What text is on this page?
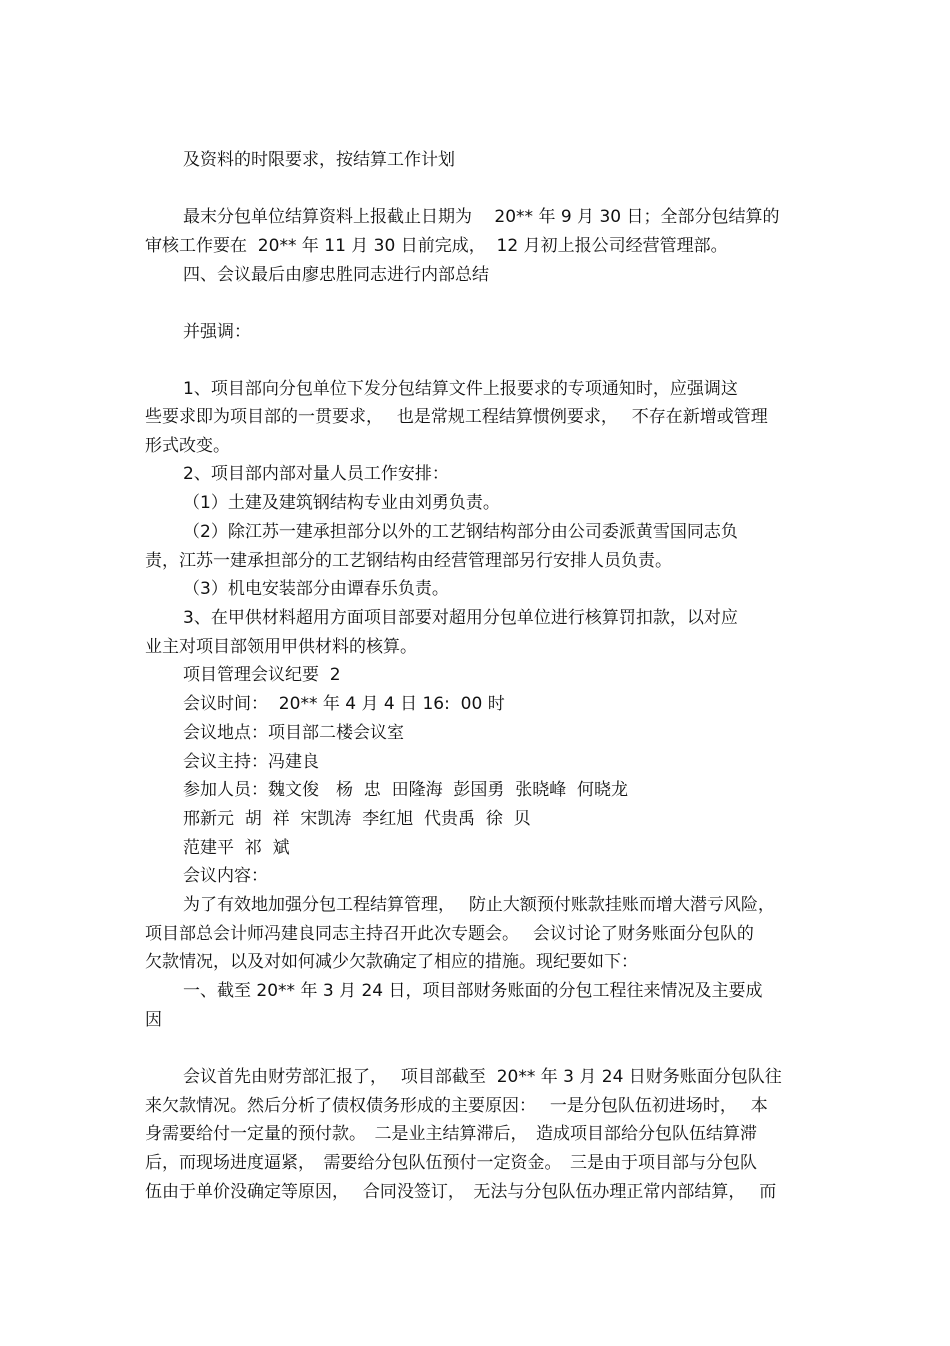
及资料的时限要求，按结算工作计划
最末分包单位结算资料上报截止日期为　 20** 年 9 月 30 日；全部分包结算的
审核工作要在  20** 年 11 月 30 日前完成，  12 月初上报公司经营管理部。
四、会议最后由廖忠胜同志进行内部总结
并强调：
1、项目部向分包单位下发分包结算文件上报要求的专项通知时，应强调这
些要求即为项目部的一贯要求，　 也是常规工程结算惯例要求，　 不存在新增或管理
形式改变。
2、项目部内部对量人员工作安排：
（1）土建及建筑钢结构专业由刘勇负责。
（2）除江苏一建承担部分以外的工艺钢结构部分由公司委派黄雪国同志负
责，江苏一建承担部分的工艺钢结构由经营管理部另行安排人员负责。
（3）机电安装部分由谭春乐负责。
3、在甲供材料超用方面项目部要对超用分包单位进行核算罚扣款，以对应
业主对项目部领用甲供材料的核算。
项目管理会议纪要  2
会议时间：  20** 年 4 月 4 日 16:  00 时
会议地点：项目部二楼会议室
会议主持：冯建良
参加人员：魏文俊　杨  忠  田隆海  彭国勇  张晓峰  何晓龙
邢新元  胡  祥  宋凯涛  李红旭  代贵禹  徐  贝
范建平  祁  斌
会议内容：
为了有效地加强分包工程结算管理，　 防止大额预付账款挂账而增大潜亏风险，
项目部总会计师冯建良同志主持召开此次专题会。　 会议讨论了财务账面分包队的
欠款情况，以及对如何减少欠款确定了相应的措施。现纪要如下：
一、截至 20** 年 3 月 24 日，项目部财务账面的分包工程往来情况及主要成
因
会议首先由财劳部汇报了，　 项目部截至  20** 年 3 月 24 日财务账面分包队往
来欠款情况。然后分析了债权债务形成的主要原因：　 一是分包队伍初进场时，　 本
身需要给付一定量的预付款。　二是业主结算滞后，　造成项目部给分包队伍结算滞
后，而现场进度逼紧，　需要给分包队伍预付一定资金。　三是由于项目部与分包队
伍由于单价没确定等原因，　 合同没签订，　无法与分包队伍办理正常内部结算，　 而
